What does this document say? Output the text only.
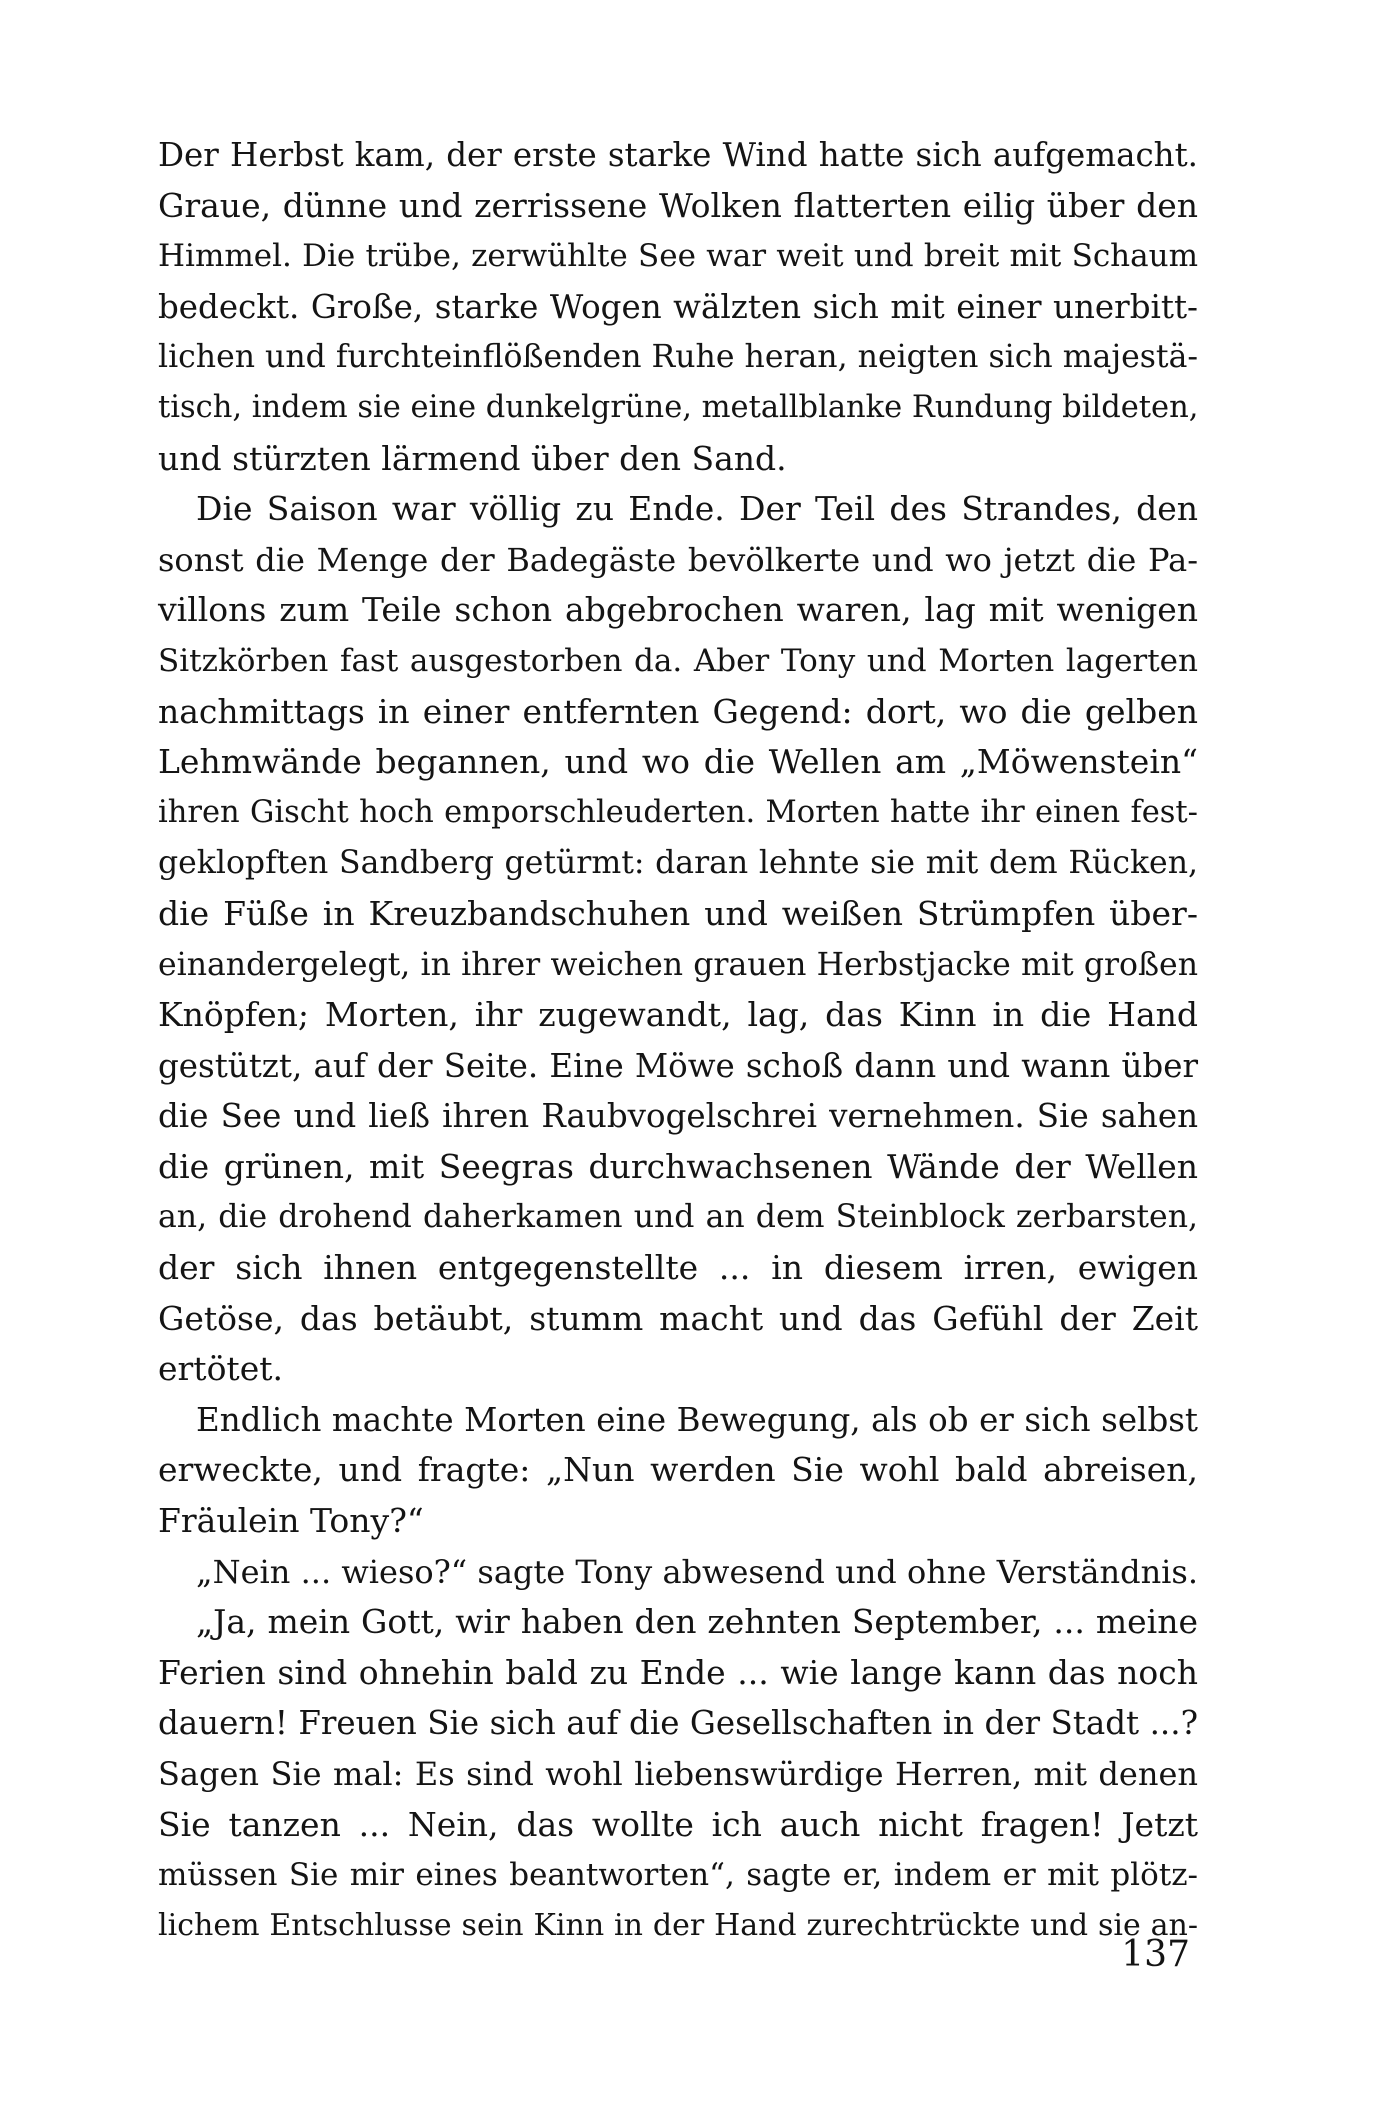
Der Herbst kam, der erste starke Wind hatte sich aufgemacht.
Graue, dünne und zerrissene Wolken flatterten eilig über den
Himmel. Die trübe, zerwühlte See war weit und breit mit Schaum
bedeckt. Große, starke Wogen wälzten sich mit einer unerbitt-
lichen und furchteinflößenden Ruhe heran, neigten sich majestä-
tisch, indem sie eine dunkelgrüne, metallblanke Rundung bildeten,
und stürzten lärmend über den Sand.
Die Saison war völlig zu Ende. Der Teil des Strandes, den
sonst die Menge der Badegäste bevölkerte und wo jetzt die Pa-
villons zum Teile schon abgebrochen waren, lag mit wenigen
Sitzkörben fast ausgestorben da. Aber Tony und Morten lagerten
nachmittags in einer entfernten Gegend: dort, wo die gelben
Lehmwände begannen, und wo die Wellen am „Möwenstein“
ihren Gischt hoch emporschleuderten. Morten hatte ihr einen fest-
geklopften Sandberg getürmt: daran lehnte sie mit dem Rücken,
die Füße in Kreuzbandschuhen und weißen Strümpfen über-
einandergelegt, in ihrer weichen grauen Herbstjacke mit großen
Knöpfen; Morten, ihr zugewandt, lag, das Kinn in die Hand
gestützt, auf der Seite. Eine Möwe schoß dann und wann über
die See und ließ ihren Raubvogelschrei vernehmen. Sie sahen
die grünen, mit Seegras durchwachsenen Wände der Wellen
an, die drohend daherkamen und an dem Steinblock zerbarsten,
der sich ihnen entgegenstellte ... in diesem irren, ewigen
Getöse, das betäubt, stumm macht und das Gefühl der Zeit
ertötet.
Endlich machte Morten eine Bewegung, als ob er sich selbst
erweckte, und fragte: „Nun werden Sie wohl bald abreisen,
Fräulein Tony?“
„Nein ... wieso?“ sagte Tony abwesend und ohne Verständnis.
„Ja, mein Gott, wir haben den zehnten September, ... meine
Ferien sind ohnehin bald zu Ende ... wie lange kann das noch
dauern! Freuen Sie sich auf die Gesellschaften in der Stadt ...?
Sagen Sie mal: Es sind wohl liebenswürdige Herren, mit denen
Sie tanzen ... Nein, das wollte ich auch nicht fragen! Jetzt
müssen Sie mir eines beantworten“, sagte er, indem er mit plötz-
lichem Entschlusse sein Kinn in der Hand zurechtrückte und sie an-
137
